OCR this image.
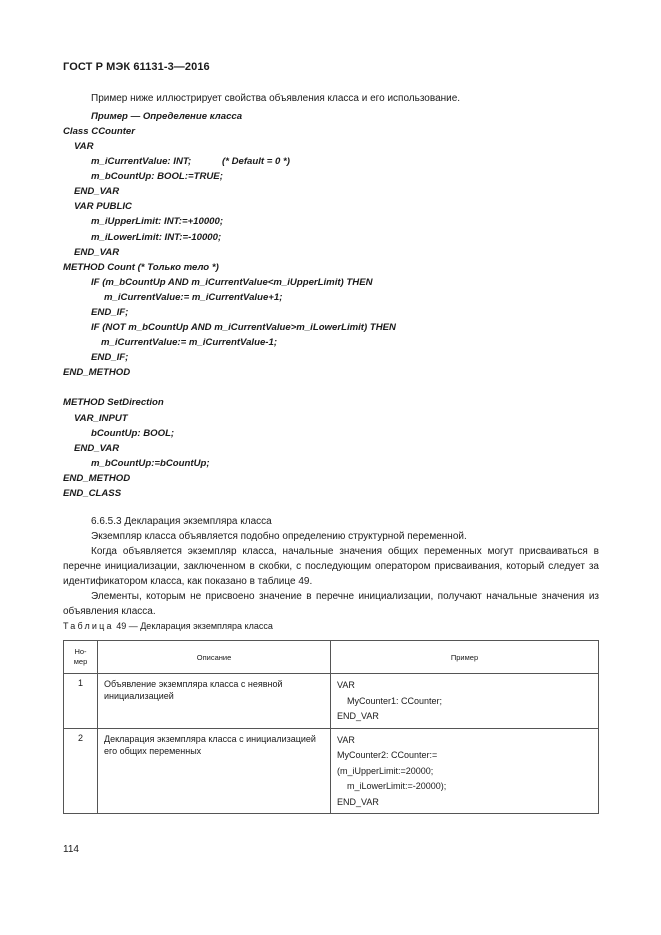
ГОСТ Р МЭК 61131-3—2016
Пример ниже иллюстрирует свойства объявления класса и его использование.
Пример — Определение класса
Class CCounter
VAR
m_iCurrentValue: INT;	(* Default = 0 *)
m_bCountUp: BOOL:=TRUE;
END_VAR
VAR PUBLIC
m_iUpperLimit: INT:=+10000;
m_iLowerLimit: INT:=-10000;
END_VAR
METHOD Count (* Только тело *)
IF (m_bCountUp AND m_iCurrentValue<m_iUpperLimit) THEN
m_iCurrentValue:= m_iCurrentValue+1;
END_IF;
IF (NOT m_bCountUp AND m_iCurrentValue>m_iLowerLimit) THEN
m_iCurrentValue:= m_iCurrentValue-1;
END_IF;
END_METHOD
METHOD SetDirection
VAR_INPUT
bCountUp: BOOL;
END_VAR
m_bCountUp:=bCountUp;
END_METHOD
END_CLASS

6.6.5.3 Декларация экземпляра класса

Экземпляр класса объявляется подобно определению структурной переменной.

Когда объявляется экземпляр класса, начальные значения общих переменных могут присваиваться в перечне инициализации, заключенном в скобки, с последующим оператором присваивания, который следует за идентификатором класса, как показано в таблице 49.

Элементы, которым не присвоено значение в перечне инициализации, получают начальные значения из объявления класса.

Таблица 49 — Декларация экземпляра класса
Но-
мер	Описание	Пример
1	Объявление экземпляра класса с неявной инициализацией	VAR
MyCounter1: CCounter;
END_VAR

2	Декларация экземпляра класса с инициализацией его общих переменных	VAR
MyCounter2: CCounter:=
(m_iUpperLimit:=20000;
m_iLowerLimit:=-20000);
END_VAR
114
